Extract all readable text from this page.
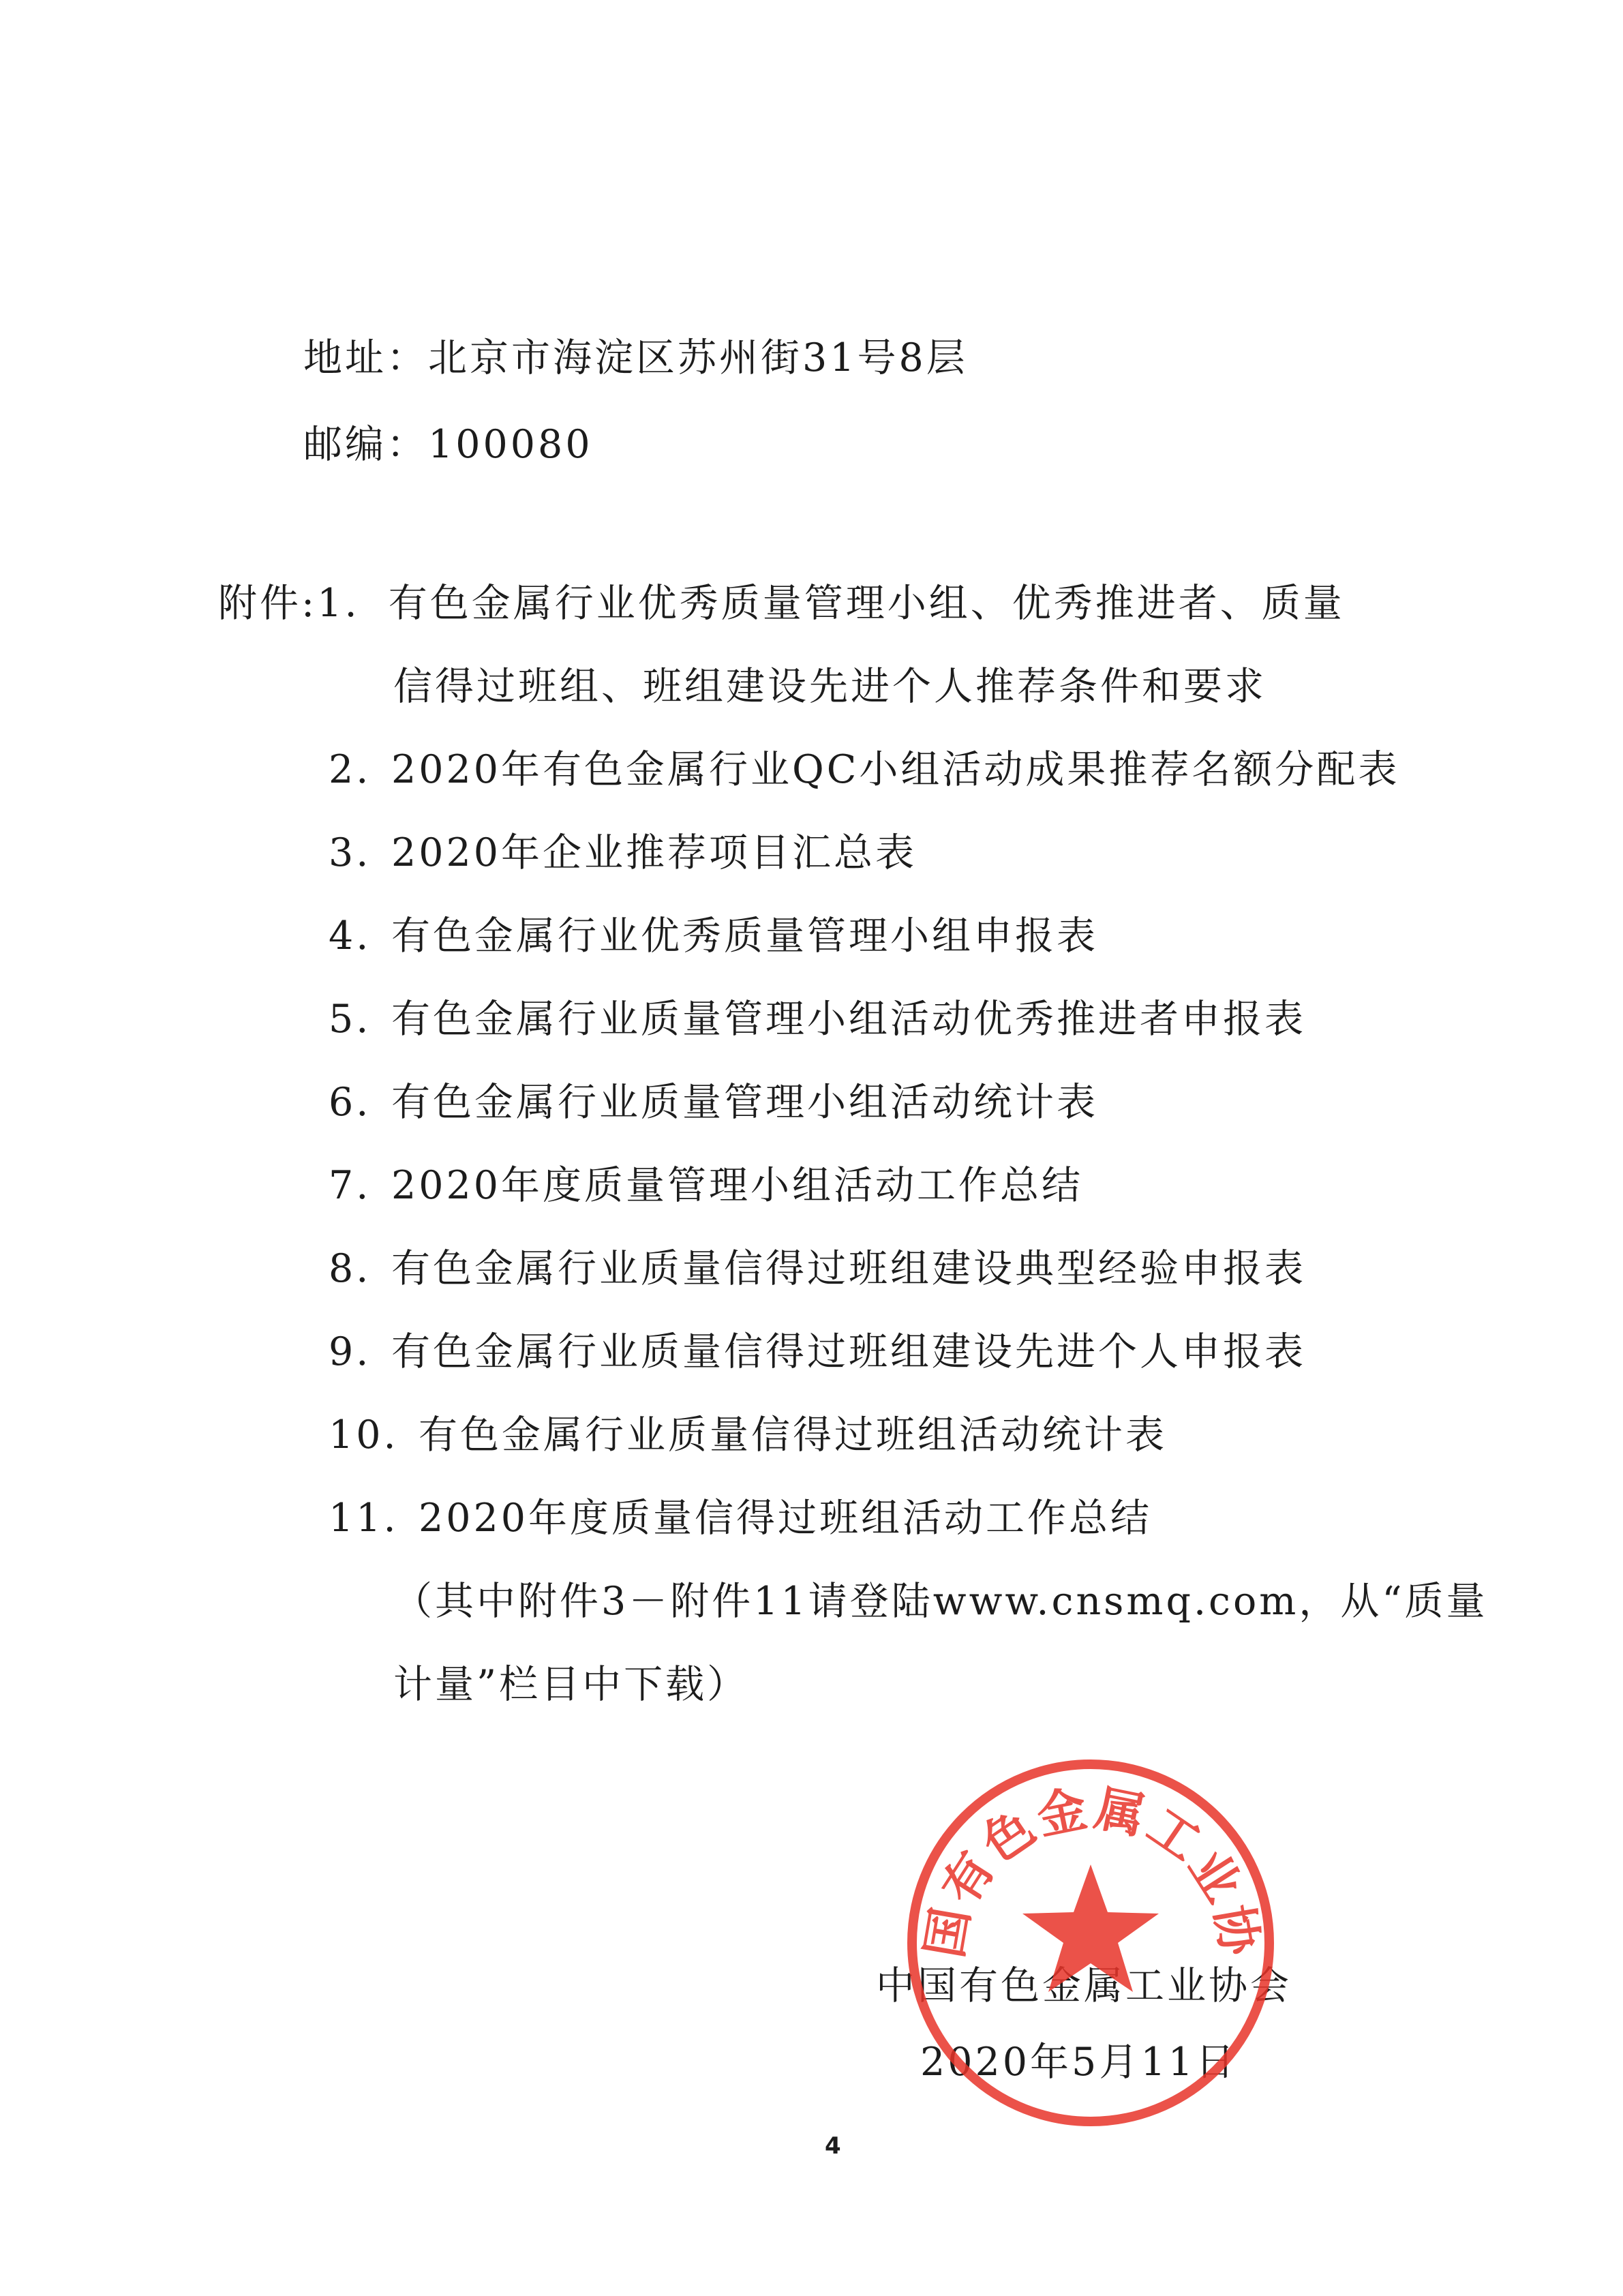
地址：北京市海淀区苏州街31号8层
邮编：100080
附件:1. 有色金属行业优秀质量管理小组、优秀推进者、质量
信得过班组、班组建设先进个人推荐条件和要求
2. 2020年有色金属行业QC小组活动成果推荐名额分配表
3. 2020年企业推荐项目汇总表
4. 有色金属行业优秀质量管理小组申报表
5. 有色金属行业质量管理小组活动优秀推进者申报表
6. 有色金属行业质量管理小组活动统计表
7. 2020年度质量管理小组活动工作总结
8. 有色金属行业质量信得过班组建设典型经验申报表
9. 有色金属行业质量信得过班组建设先进个人申报表
10. 有色金属行业质量信得过班组活动统计表
11. 2020年度质量信得过班组活动工作总结
（其中附件3－附件11请登陆www.cnsmq.com，从“质量
计量”栏目中下载）
中国有色金属工业协会
2020年5月11日
国有色金属工业协
4
